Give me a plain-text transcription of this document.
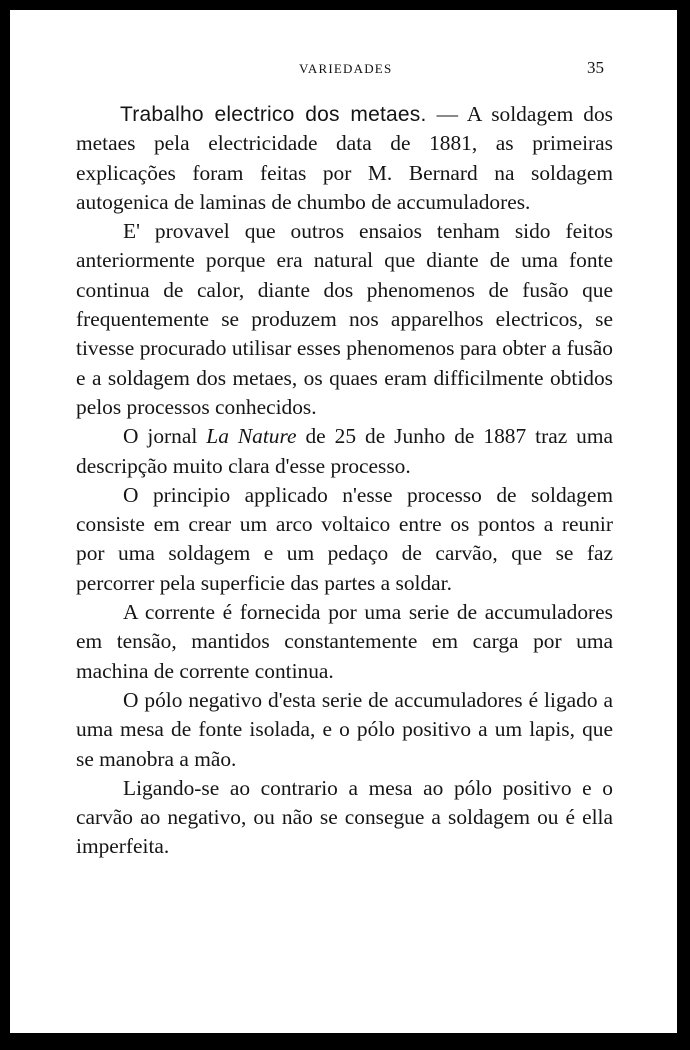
VARIEDADES	35

Trabalho electrico dos metaes. — A soldagem dos metaes pela electricidade data de 1881, as primeiras explicações foram feitas por M. Bernard na soldagem autogenica de laminas de chumbo de accumuladores.

E' provavel que outros ensaios tenham sido feitos anteriormente porque era natural que diante de uma fonte continua de calor, diante dos phenomenos de fusão que frequentemente se produzem nos apparelhos electricos, se tivesse procurado utilisar esses phenomenos para obter a fusão e a soldagem dos metaes, os quaes eram difficilmente obtidos pelos processos conhecidos.

O jornal La Nature de 25 de Junho de 1887 traz uma descripção muito clara d'esse processo.

O principio applicado n'esse processo de soldagem consiste em crear um arco voltaico entre os pontos a reunir por uma soldagem e um pedaço de carvão, que se faz percorrer pela superficie das partes a soldar.

A corrente é fornecida por uma serie de accumuladores em tensão, mantidos constantemente em carga por uma machina de corrente continua.

O pólo negativo d'esta serie de accumuladores é ligado a uma mesa de fonte isolada, e o pólo positivo a um lapis, que se manobra a mão.

Ligando-se ao contrario a mesa ao pólo positivo e o carvão ao negativo, ou não se consegue a soldagem ou é ella imperfeita.
